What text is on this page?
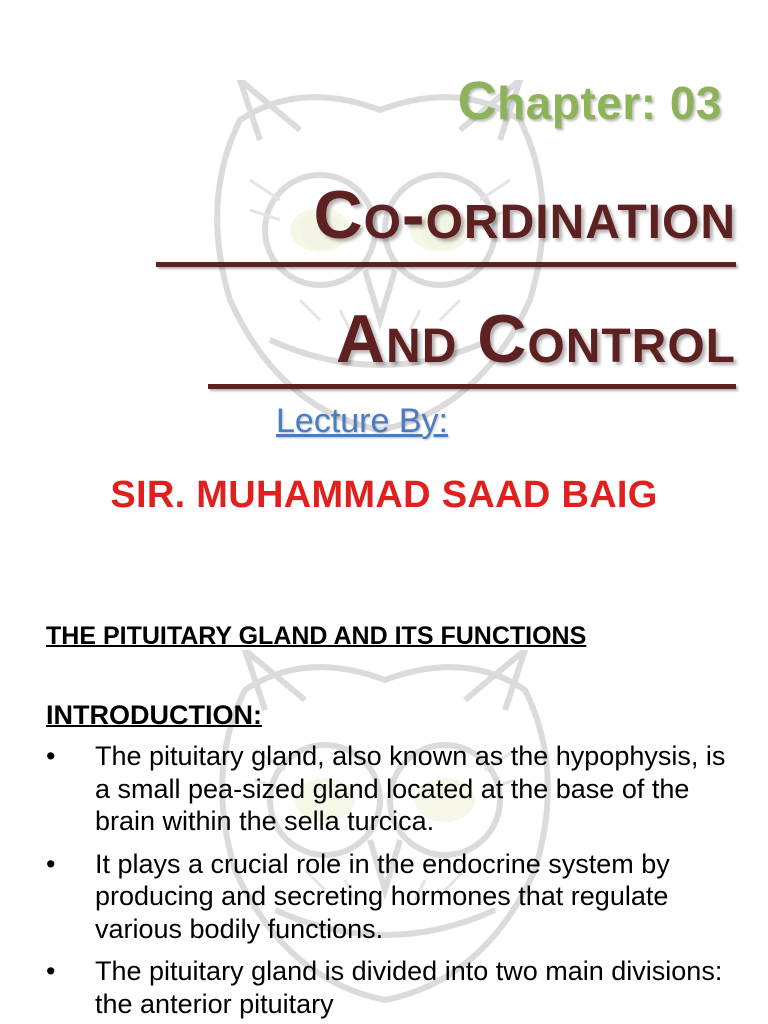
Chapter: 03
Co-ordination
And Control
Lecture By:
SIR. MUHAMMAD SAAD BAIG
THE PITUITARY GLAND AND ITS FUNCTIONS
INTRODUCTION:
• The pituitary gland, also known as the hypophysis, is a small pea-sized gland located at the base of the brain within the sella turcica.
• It plays a crucial role in the endocrine system by producing and secreting hormones that regulate various bodily functions.
• The pituitary gland is divided into two main divisions: the anterior pituitary
